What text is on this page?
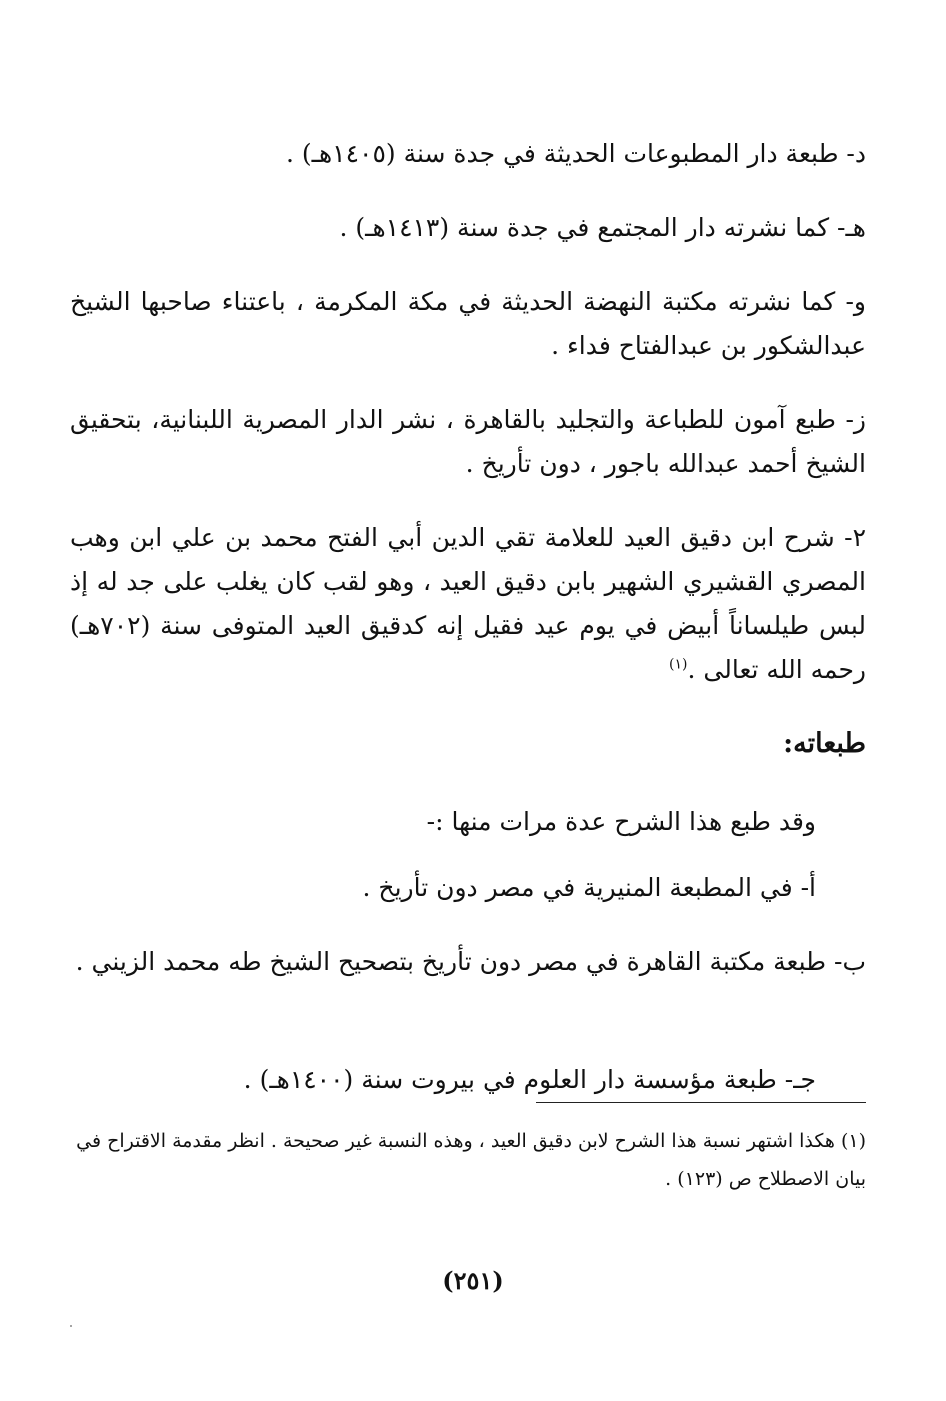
د- طبعة دار المطبوعات الحديثة في جدة سنة (١٤٠٥هـ) .

هـ- كما نشرته دار المجتمع في جدة سنة (١٤١٣هـ) .

و- كما نشرته مكتبة النهضة الحديثة في مكة المكرمة ، باعتناء صاحبها الشيخ عبدالشكور بن عبدالفتاح فداء .

ز- طبع آمون للطباعة والتجليد بالقاهرة ، نشر الدار المصرية اللبنانية، بتحقيق الشيخ أحمد عبدالله باجور ، دون تأريخ .

٢- شرح ابن دقيق العيد للعلامة تقي الدين أبي الفتح محمد بن علي ابن وهب المصري القشيري الشهير بابن دقيق العيد ، وهو لقب كان يغلب على جد له إذ لبس طيلساناً أبيض في يوم عيد فقيل إنه كدقيق العيد المتوفى سنة (٧٠٢هـ) رحمه الله تعالى .$^{(١)}$

طبعاته:

وقد طبع هذا الشرح عدة مرات منها :-

أ- في المطبعة المنيرية في مصر دون تأريخ .

ب- طبعة مكتبة القاهرة في مصر دون تأريخ بتصحيح الشيخ طه محمد الزيني .

جـ- طبعة مؤسسة دار العلوم في بيروت سنة (١٤٠٠هـ) .

(١) هكذا اشتهر نسبة هذا الشرح لابن دقيق العيد ، وهذه النسبة غير صحيحة . انظر مقدمة الاقتراح في بيان الاصطلاح ص (١٢٣) .

(٢٥١)
